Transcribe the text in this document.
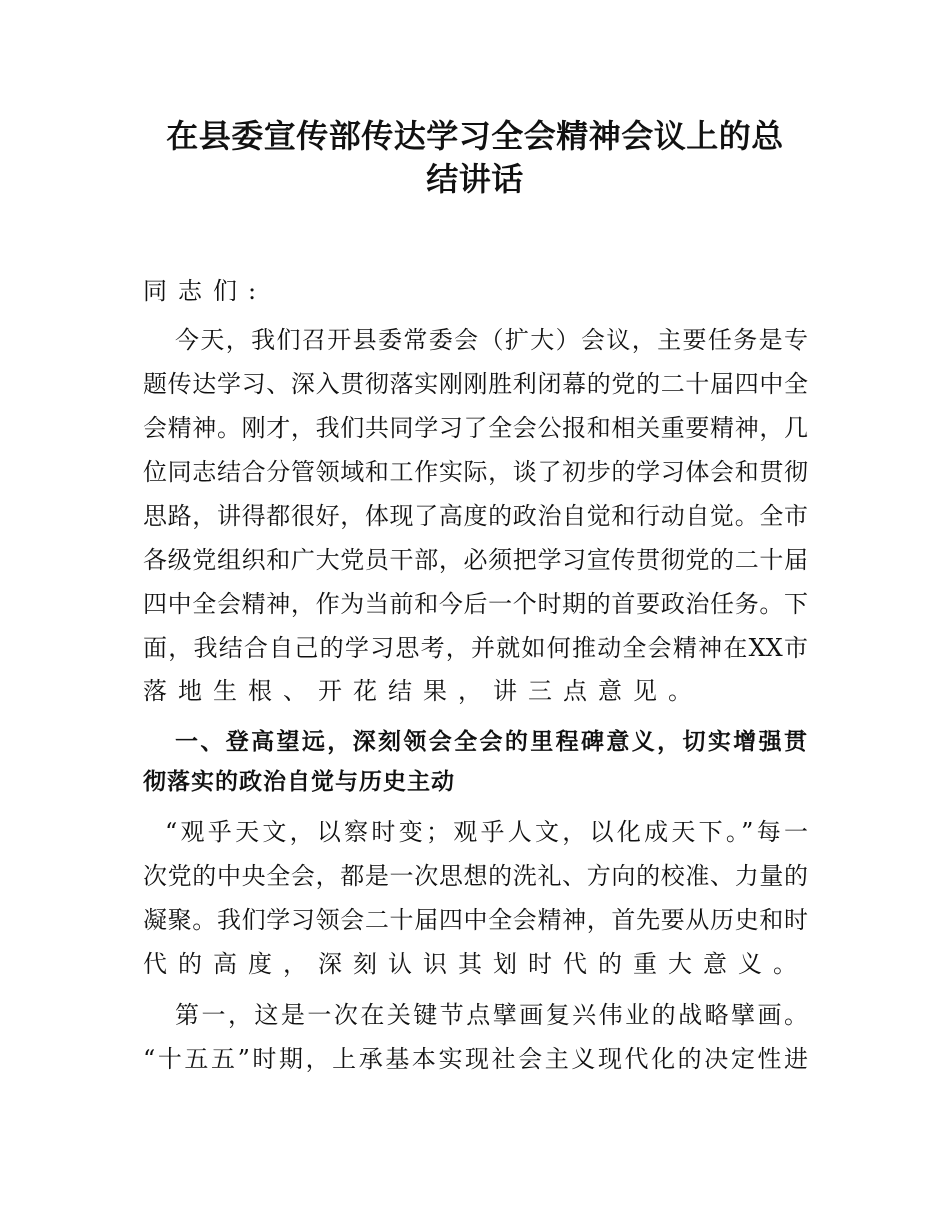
在县委宣传部传达学习全会精神会议上的总
结讲话
同志们:
今天，我们召开县委常委会（扩大）会议，主要任务是专
题传达学习、深入贯彻落实刚刚胜利闭幕的党的二十届四中全
会精神。刚才，我们共同学习了全会公报和相关重要精神，几
位同志结合分管领域和工作实际，谈了初步的学习体会和贯彻
思路，讲得都很好，体现了高度的政治自觉和行动自觉。全市
各级党组织和广大党员干部，必须把学习宣传贯彻党的二十届
四中全会精神，作为当前和今后一个时期的首要政治任务。下
面，我结合自己的学习思考，并就如何推动全会精神在XX市
落地生根、开花结果，讲三点意见。
一、登高望远，深刻领会全会的里程碑意义，切实增强贯
彻落实的政治自觉与历史主动
“观乎天文，以察时变；观乎人文，以化成天下。”每一
次党的中央全会，都是一次思想的洗礼、方向的校准、力量的
凝聚。我们学习领会二十届四中全会精神，首先要从历史和时
代的高度，深刻认识其划时代的重大意义。
第一，这是一次在关键节点擘画复兴伟业的战略擘画。
“十五五”时期，上承基本实现社会主义现代化的决定性进
